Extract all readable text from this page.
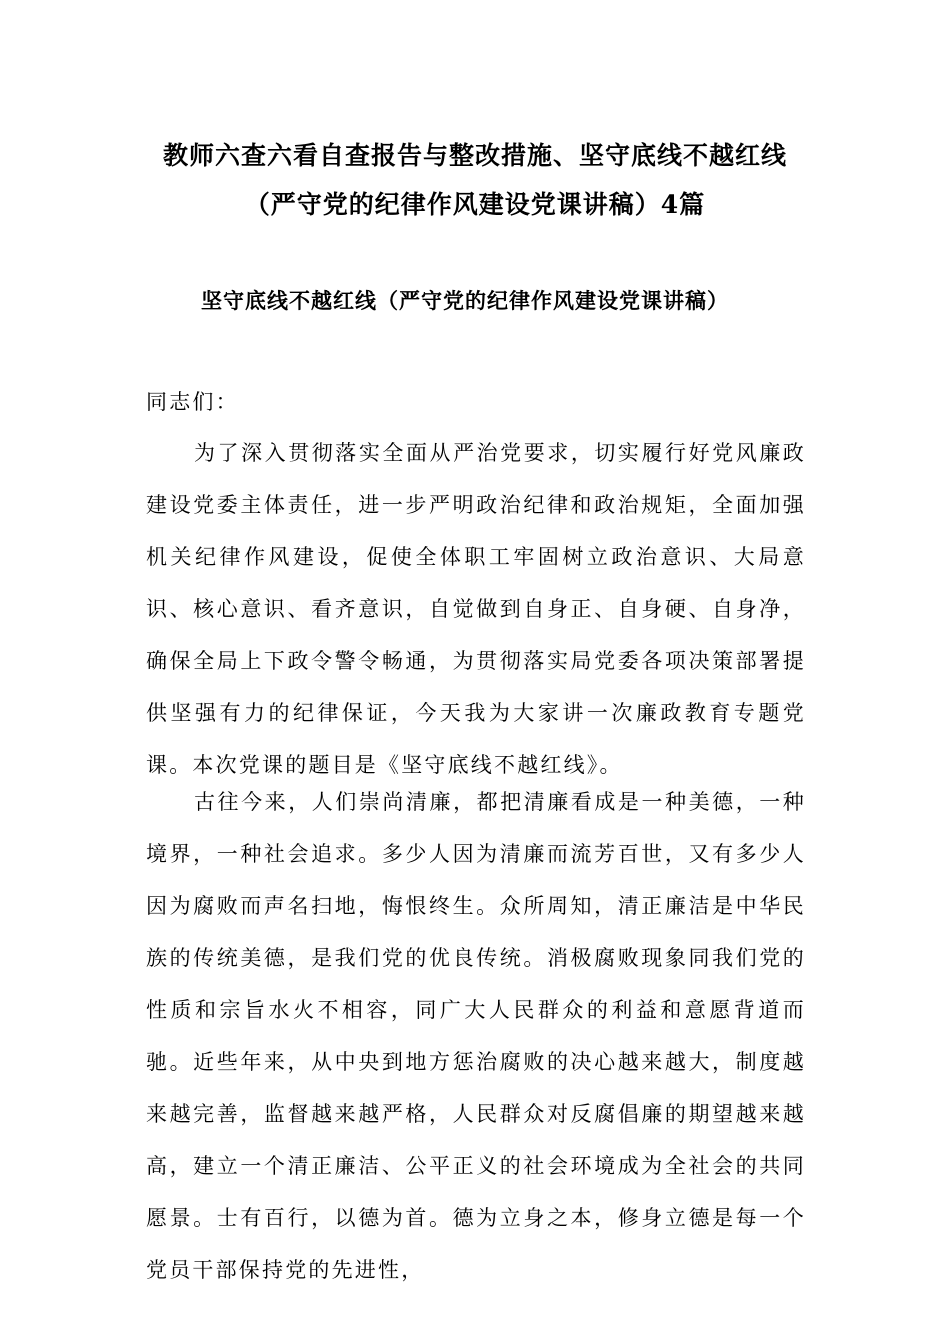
教师六查六看自查报告与整改措施、坚守底线不越红线
（严守党的纪律作风建设党课讲稿）4篇
坚守底线不越红线（严守党的纪律作风建设党课讲稿）

同志们：

为了深入贯彻落实全面从严治党要求，切实履行好党风廉政建设党委主体责任，进一步严明政治纪律和政治规矩，全面加强机关纪律作风建设，促使全体职工牢固树立政治意识、大局意识、核心意识、看齐意识，自觉做到自身正、自身硬、自身净，确保全局上下政令警令畅通，为贯彻落实局党委各项决策部署提供坚强有力的纪律保证，今天我为大家讲一次廉政教育专题党课。本次党课的题目是《坚守底线不越红线》。

古往今来，人们崇尚清廉，都把清廉看成是一种美德，一种境界，一种社会追求。多少人因为清廉而流芳百世，又有多少人因为腐败而声名扫地，悔恨终生。众所周知，清正廉洁是中华民族的传统美德，是我们党的优良传统。消极腐败现象同我们党的性质和宗旨水火不相容，同广大人民群众的利益和意愿背道而驰。近些年来，从中央到地方惩治腐败的决心越来越大，制度越来越完善，监督越来越严格，人民群众对反腐倡廉的期望越来越高，建立一个清正廉洁、公平正义的社会环境成为全社会的共同愿景。士有百行，以德为首。德为立身之本，修身立德是每一个党员干部保持党的先进性，
